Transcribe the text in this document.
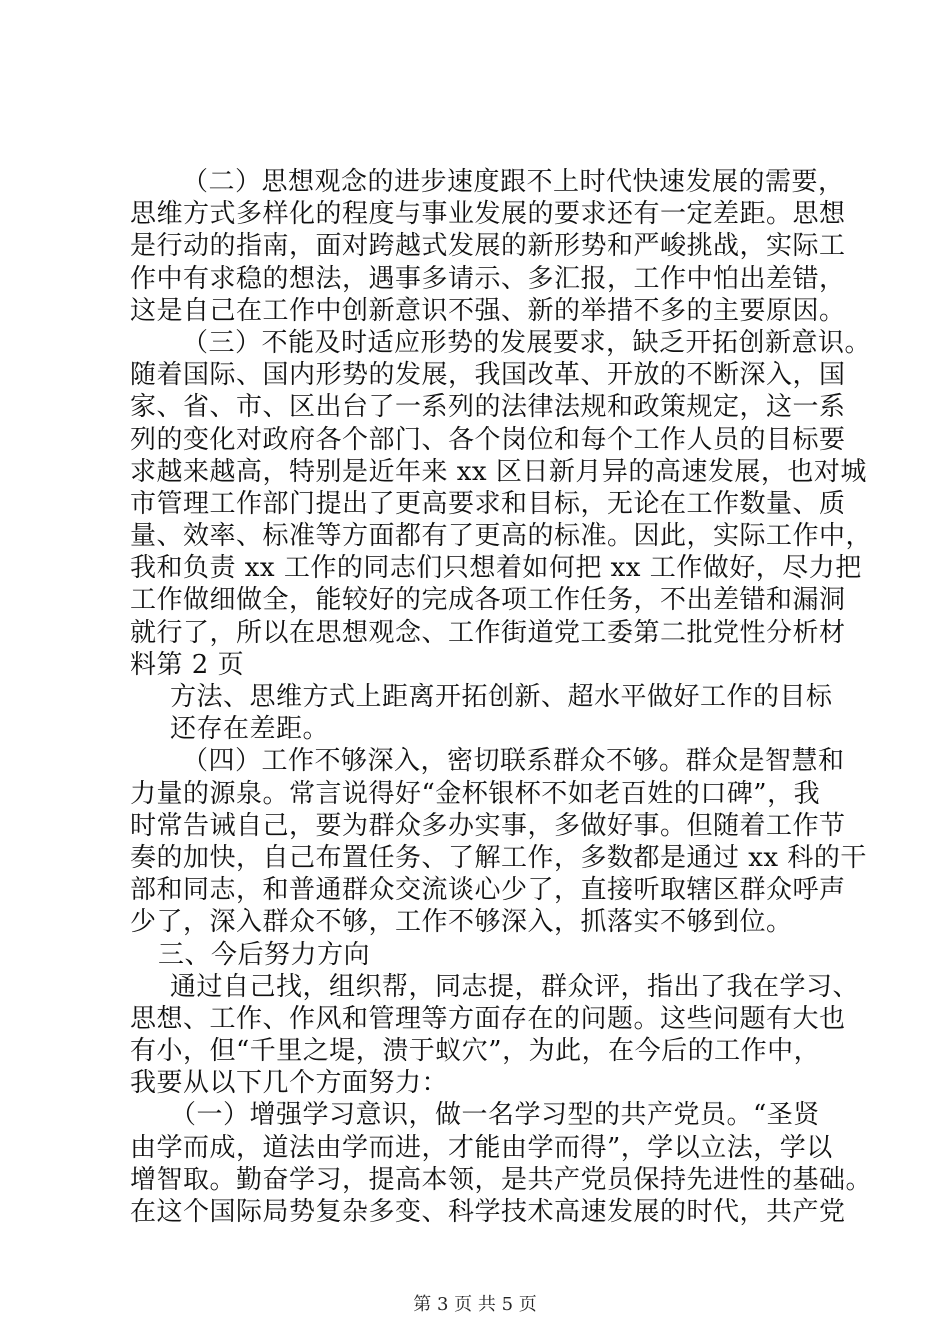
（二）思想观念的进步速度跟不上时代快速发展的需要，
思维方式多样化的程度与事业发展的要求还有一定差距。思想
是行动的指南，面对跨越式发展的新形势和严峻挑战，实际工
作中有求稳的想法，遇事多请示、多汇报，工作中怕出差错，
这是自己在工作中创新意识不强、新的举措不多的主要原因。
（三）不能及时适应形势的发展要求，缺乏开拓创新意识。
随着国际、国内形势的发展，我国改革、开放的不断深入，国
家、省、市、区出台了一系列的法律法规和政策规定，这一系
列的变化对政府各个部门、各个岗位和每个工作人员的目标要
求越来越高，特别是近年来 xx 区日新月异的高速发展，也对城
市管理工作部门提出了更高要求和目标，无论在工作数量、质
量、效率、标准等方面都有了更高的标准。因此，实际工作中，
我和负责 xx 工作的同志们只想着如何把 xx 工作做好，尽力把
工作做细做全，能较好的完成各项工作任务，不出差错和漏洞
就行了，所以在思想观念、工作街道党工委第二批党性分析材
料第 2 页
方法、思维方式上距离开拓创新、超水平做好工作的目标
还存在差距。
（四）工作不够深入，密切联系群众不够。群众是智慧和
力量的源泉。常言说得好“金杯银杯不如老百姓的口碑”，我
时常告诫自己，要为群众多办实事，多做好事。但随着工作节
奏的加快，自己布置任务、了解工作，多数都是通过 xx 科的干
部和同志，和普通群众交流谈心少了，直接听取辖区群众呼声
少了，深入群众不够，工作不够深入，抓落实不够到位。
三、今后努力方向
通过自己找，组织帮，同志提，群众评，指出了我在学习、
思想、工作、作风和管理等方面存在的问题。这些问题有大也
有小，但“千里之堤，溃于蚁穴”，为此，在今后的工作中，
我要从以下几个方面努力：
（一）增强学习意识，做一名学习型的共产党员。“圣贤
由学而成，道法由学而进，才能由学而得”，学以立法，学以
增智取。勤奋学习，提高本领，是共产党员保持先进性的基础。
在这个国际局势复杂多变、科学技术高速发展的时代，共产党
第 3 页 共 5 页
